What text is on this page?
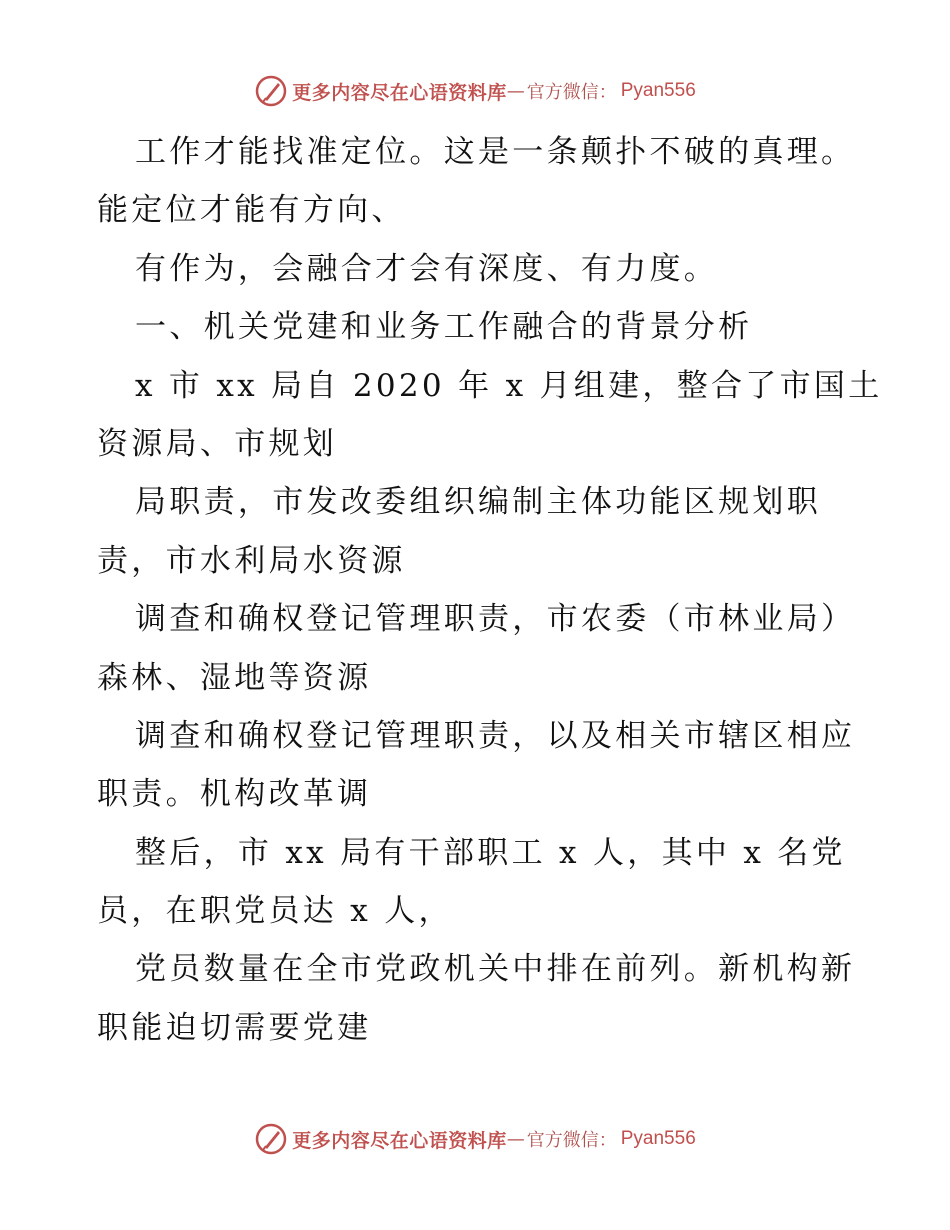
更多内容尽在心语资料库 — 官方微信： Pyan556
工作才能找准定位。这是一条颠扑不破的真理。
能定位才能有方向、
有作为，会融合才会有深度、有力度。
一、机关党建和业务工作融合的背景分析
x 市 xx 局自 2020 年 x 月组建，整合了市国土
资源局、市规划
局职责，市发改委组织编制主体功能区规划职
责，市水利局水资源
调查和确权登记管理职责，市农委（市林业局）
森林、湿地等资源
调查和确权登记管理职责，以及相关市辖区相应
职责。机构改革调
整后，市 xx 局有干部职工 x 人，其中 x 名党
员，在职党员达 x 人，
党员数量在全市党政机关中排在前列。新机构新
职能迫切需要党建
更多内容尽在心语资料库 — 官方微信： Pyan556
